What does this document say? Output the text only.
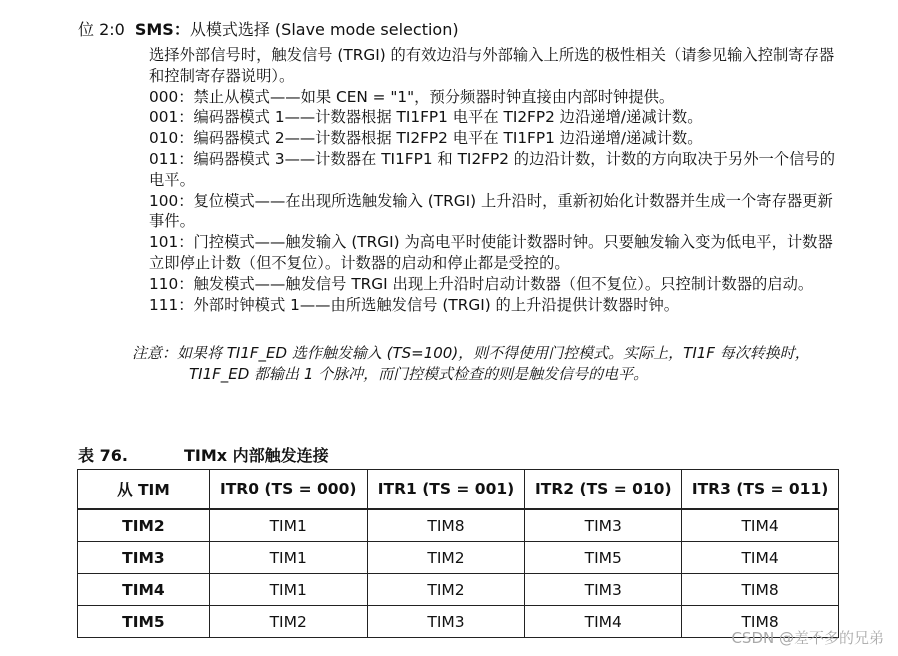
位 2:0 SMS：从模式选择 (Slave mode selection)

选择外部信号时，触发信号 (TRGI) 的有效边沿与外部输入上所选的极性相关（请参见输入控制寄存器和控制寄存器说明）。

000：禁止从模式——如果 CEN = "1"，预分频器时钟直接由内部时钟提供。

001：编码器模式 1——计数器根据 TI1FP1 电平在 TI2FP2 边沿递增/递减计数。

010：编码器模式 2——计数器根据 TI2FP2 电平在 TI1FP1 边沿递增/递减计数。

011：编码器模式 3——计数器在 TI1FP1 和 TI2FP2 的边沿计数，计数的方向取决于另外一个信号的电平。

100：复位模式——在出现所选触发输入 (TRGI) 上升沿时，重新初始化计数器并生成一个寄存器更新事件。

101：门控模式——触发输入 (TRGI) 为高电平时使能计数器时钟。只要触发输入变为低电平，计数器立即停止计数（但不复位）。计数器的启动和停止都是受控的。

110：触发模式——触发信号 TRGI 出现上升沿时启动计数器（但不复位）。只控制计数器的启动。

111：外部时钟模式 1——由所选触发信号 (TRGI) 的上升沿提供计数器时钟。

注意：如果将 TI1F_ED 选作触发输入 (TS=100)，则不得使用门控模式。实际上，TI1F 每次转换时，TI1F_ED 都输出 1 个脉冲，而门控模式检查的则是触发信号的电平。
表 76.	TIMx 内部触发连接
从 TIM	ITR0 (TS = 000)	ITR1 (TS = 001)	ITR2 (TS = 010)	ITR3 (TS = 011)
TIM2	TIM1	TIM8	TIM3	TIM4
TIM3	TIM1	TIM2	TIM5	TIM4
TIM4	TIM1	TIM2	TIM3	TIM8
TIM5	TIM2	TIM3	TIM4	TIM8
CSDN @差不多的兄弟
